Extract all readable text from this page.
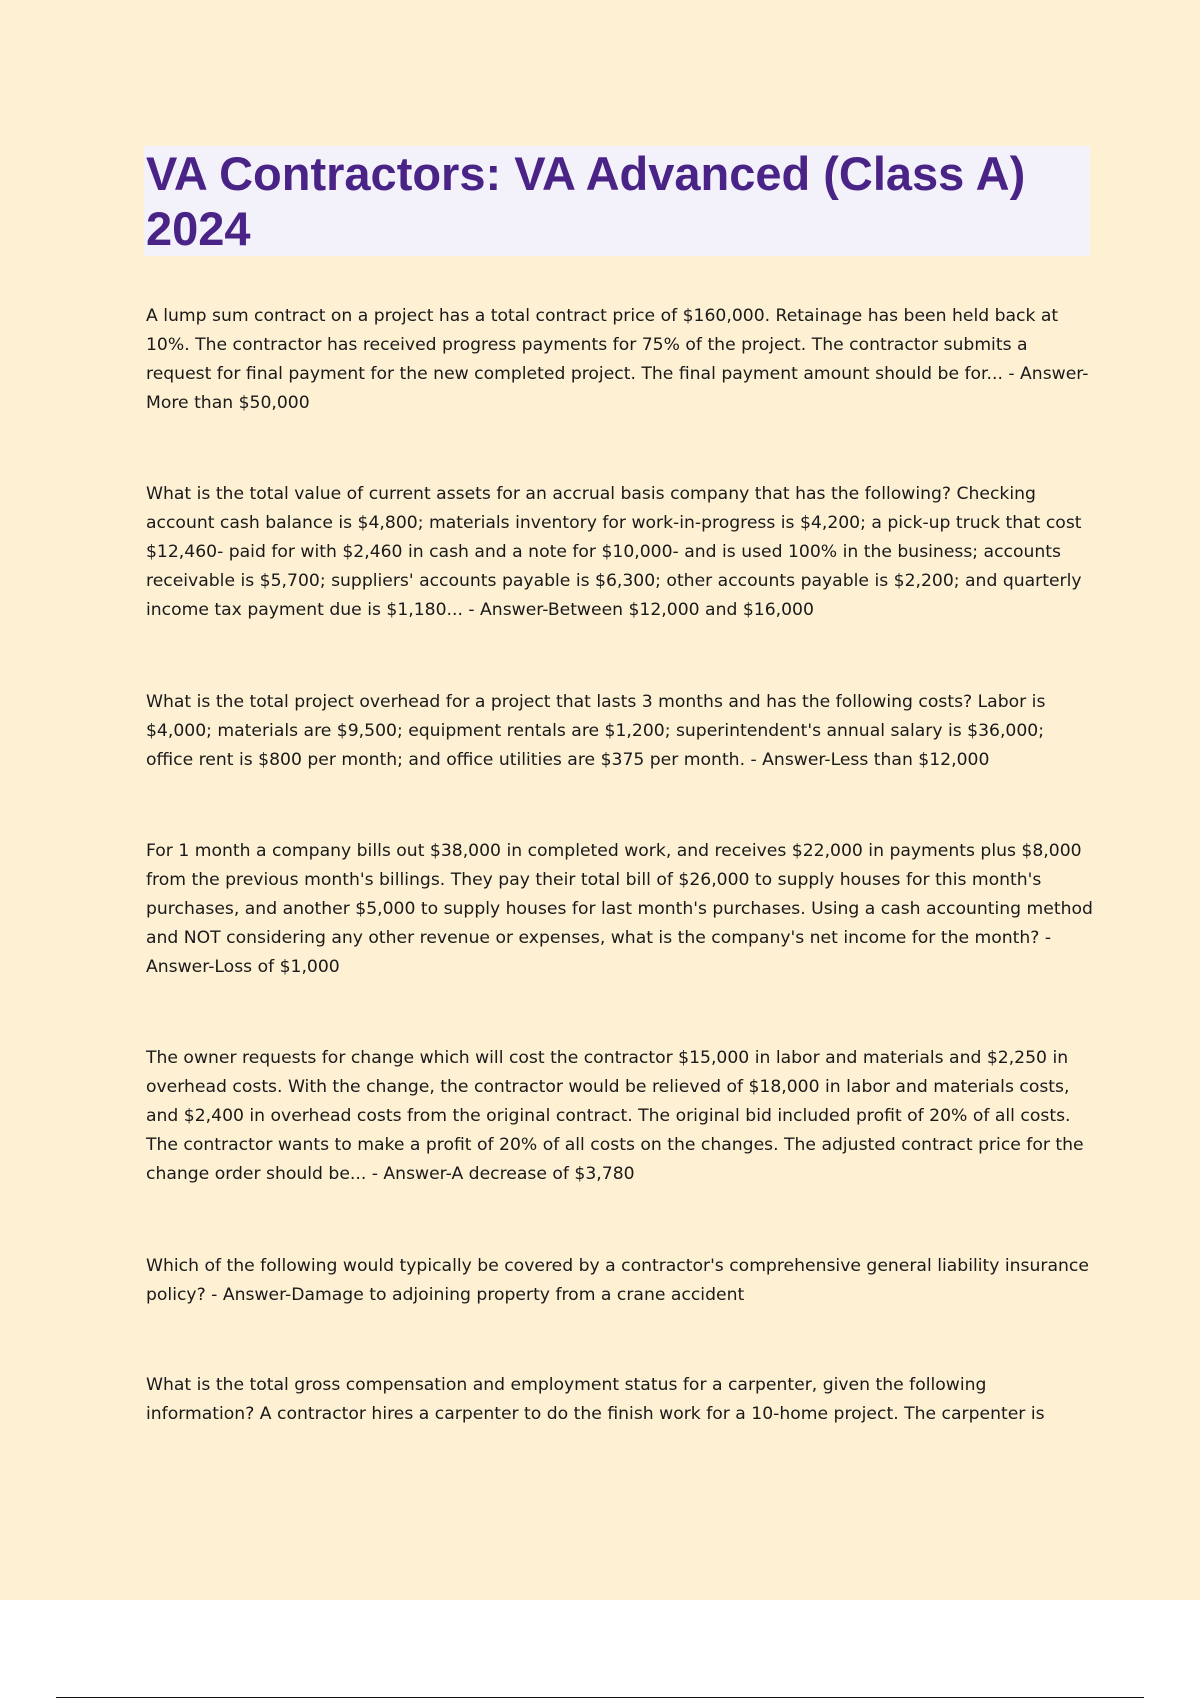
VA Contractors: VA Advanced (Class A) 2024

A lump sum contract on a project has a total contract price of $160,000. Retainage has been held back at 10%. The contractor has received progress payments for 75% of the project. The contractor submits a request for final payment for the new completed project. The final payment amount should be for... - Answer-More than $50,000

What is the total value of current assets for an accrual basis company that has the following? Checking account cash balance is $4,800; materials inventory for work-in-progress is $4,200; a pick-up truck that cost $12,460- paid for with $2,460 in cash and a note for $10,000- and is used 100% in the business; accounts receivable is $5,700; suppliers' accounts payable is $6,300; other accounts payable is $2,200; and quarterly income tax payment due is $1,180... - Answer-Between $12,000 and $16,000

What is the total project overhead for a project that lasts 3 months and has the following costs? Labor is $4,000; materials are $9,500; equipment rentals are $1,200; superintendent's annual salary is $36,000; office rent is $800 per month; and office utilities are $375 per month. - Answer-Less than $12,000

For 1 month a company bills out $38,000 in completed work, and receives $22,000 in payments plus $8,000 from the previous month's billings. They pay their total bill of $26,000 to supply houses for this month's purchases, and another $5,000 to supply houses for last month's purchases. Using a cash accounting method and NOT considering any other revenue or expenses, what is the company's net income for the month? - Answer-Loss of $1,000

The owner requests for change which will cost the contractor $15,000 in labor and materials and $2,250 in overhead costs. With the change, the contractor would be relieved of $18,000 in labor and materials costs, and $2,400 in overhead costs from the original contract. The original bid included profit of 20% of all costs. The contractor wants to make a profit of 20% of all costs on the changes. The adjusted contract price for the change order should be... - Answer-A decrease of $3,780

Which of the following would typically be covered by a contractor's comprehensive general liability insurance policy? - Answer-Damage to adjoining property from a crane accident

What is the total gross compensation and employment status for a carpenter, given the following information? A contractor hires a carpenter to do the finish work for a 10-home project. The carpenter is
